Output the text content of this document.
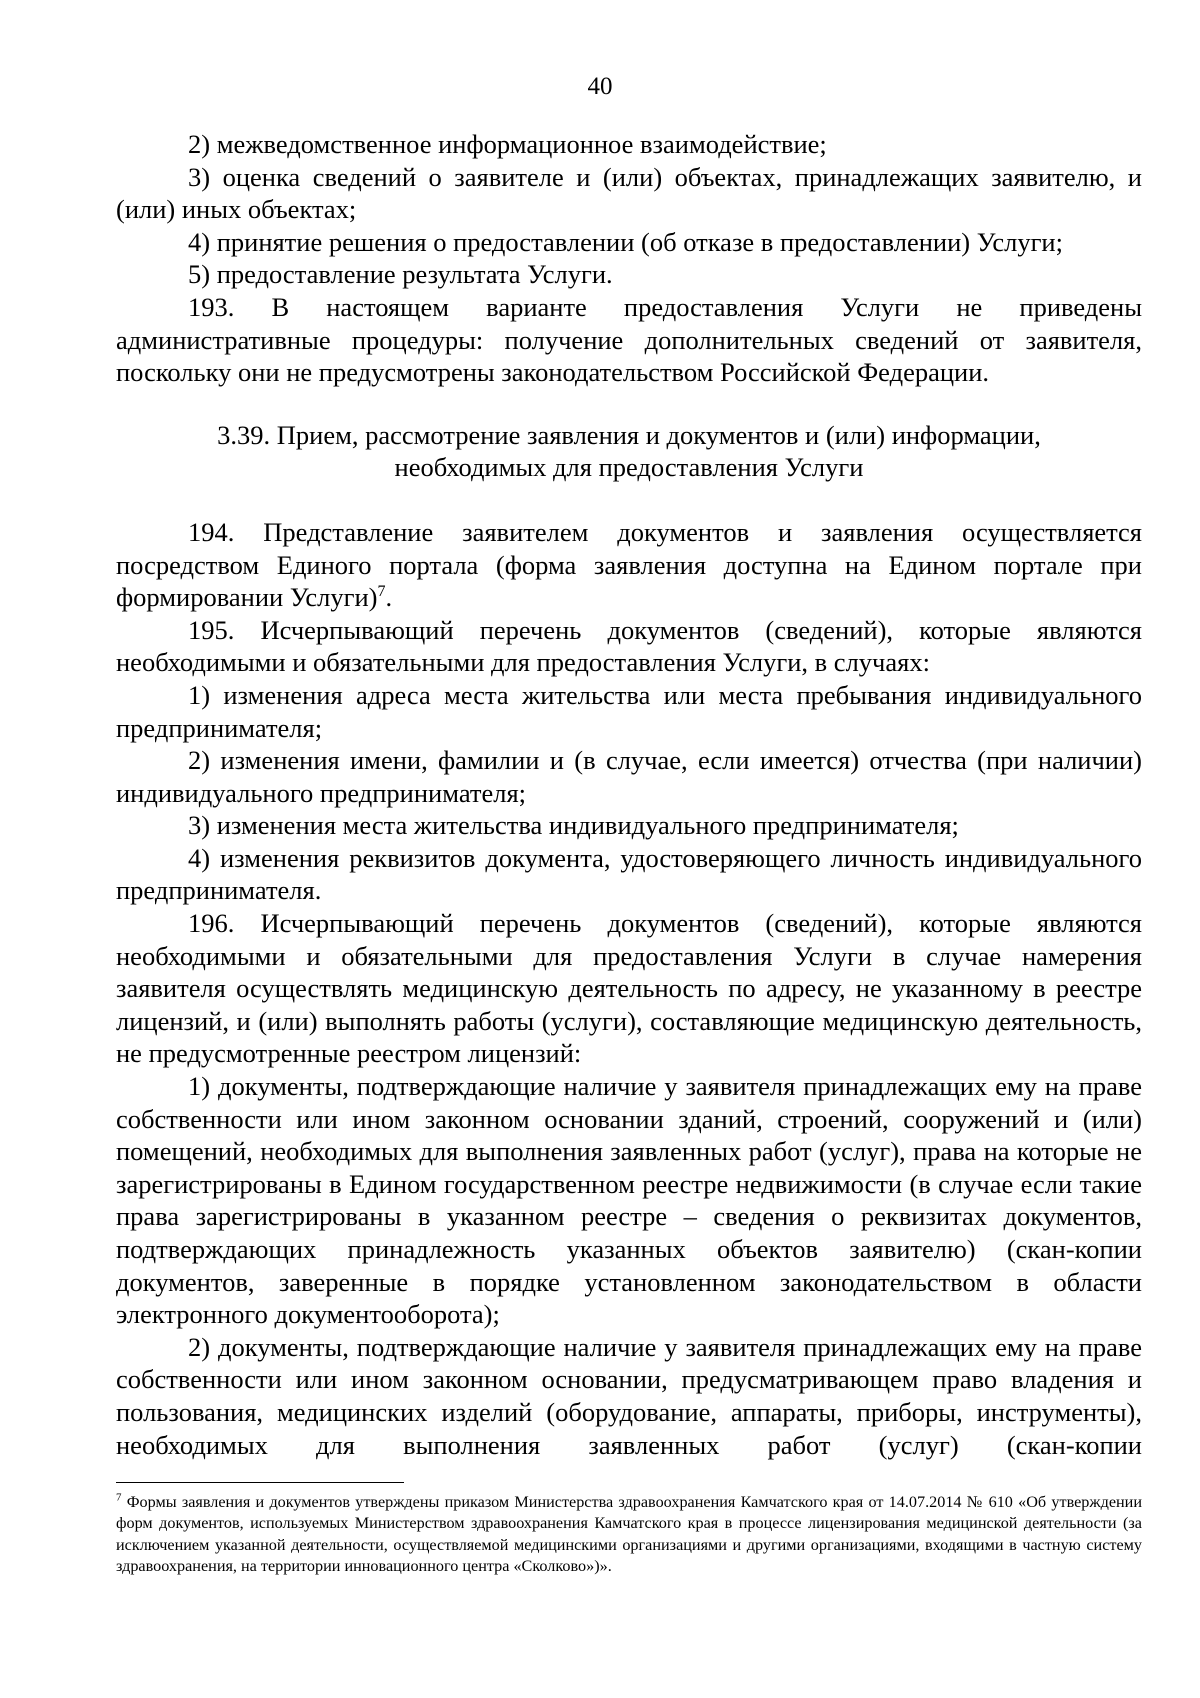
40

2) межведомственное информационное взаимодействие;

3) оценка сведений о заявителе и (или) объектах, принадлежащих заявителю, и (или) иных объектах;

4) принятие решения о предоставлении (об отказе в предоставлении) Услуги;

5) предоставление результата Услуги.

193. В настоящем варианте предоставления Услуги не приведены административные процедуры: получение дополнительных сведений от заявителя, поскольку они не предусмотрены законодательством Российской Федерации.

3.39. Прием, рассмотрение заявления и документов и (или) информации,
необходимых для предоставления Услуги

194. Представление заявителем документов и заявления осуществляется посредством Единого портала (форма заявления доступна на Едином портале при формировании Услуги)$^7$.

195. Исчерпывающий перечень документов (сведений), которые являются необходимыми и обязательными для предоставления Услуги, в случаях:

1) изменения адреса места жительства или места пребывания индивидуального предпринимателя;

2) изменения имени, фамилии и (в случае, если имеется) отчества (при наличии) индивидуального предпринимателя;

3) изменения места жительства индивидуального предпринимателя;

4) изменения реквизитов документа, удостоверяющего личность индивидуального предпринимателя.

196. Исчерпывающий перечень документов (сведений), которые являются необходимыми и обязательными для предоставления Услуги в случае намерения заявителя осуществлять медицинскую деятельность по адресу, не указанному в реестре лицензий, и (или) выполнять работы (услуги), составляющие медицинскую деятельность, не предусмотренные реестром лицензий:

1) документы, подтверждающие наличие у заявителя принадлежащих ему на праве собственности или ином законном основании зданий, строений, сооружений и (или) помещений, необходимых для выполнения заявленных работ (услуг), права на которые не зарегистрированы в Едином государственном реестре недвижимости (в случае если такие права зарегистрированы в указанном реестре – сведения о реквизитах документов, подтверждающих принадлежность указанных объектов заявителю) (скан-копии документов, заверенные в порядке установленном законодательством в области электронного документооборота);

2) документы, подтверждающие наличие у заявителя принадлежащих ему на праве собственности или ином законном основании, предусматривающем право владения и пользования, медицинских изделий (оборудование, аппараты, приборы, инструменты), необходимых для выполнения заявленных работ (услуг) (скан-копии

$^7$ Формы заявления и документов утверждены приказом Министерства здравоохранения Камчатского края от 14.07.2014 № 610 «Об утверждении форм документов, используемых Министерством здравоохранения Камчатского края в процессе лицензирования медицинской деятельности (за исключением указанной деятельности, осуществляемой медицинскими организациями и другими организациями, входящими в частную систему здравоохранения, на территории инновационного центра «Сколково»)».
